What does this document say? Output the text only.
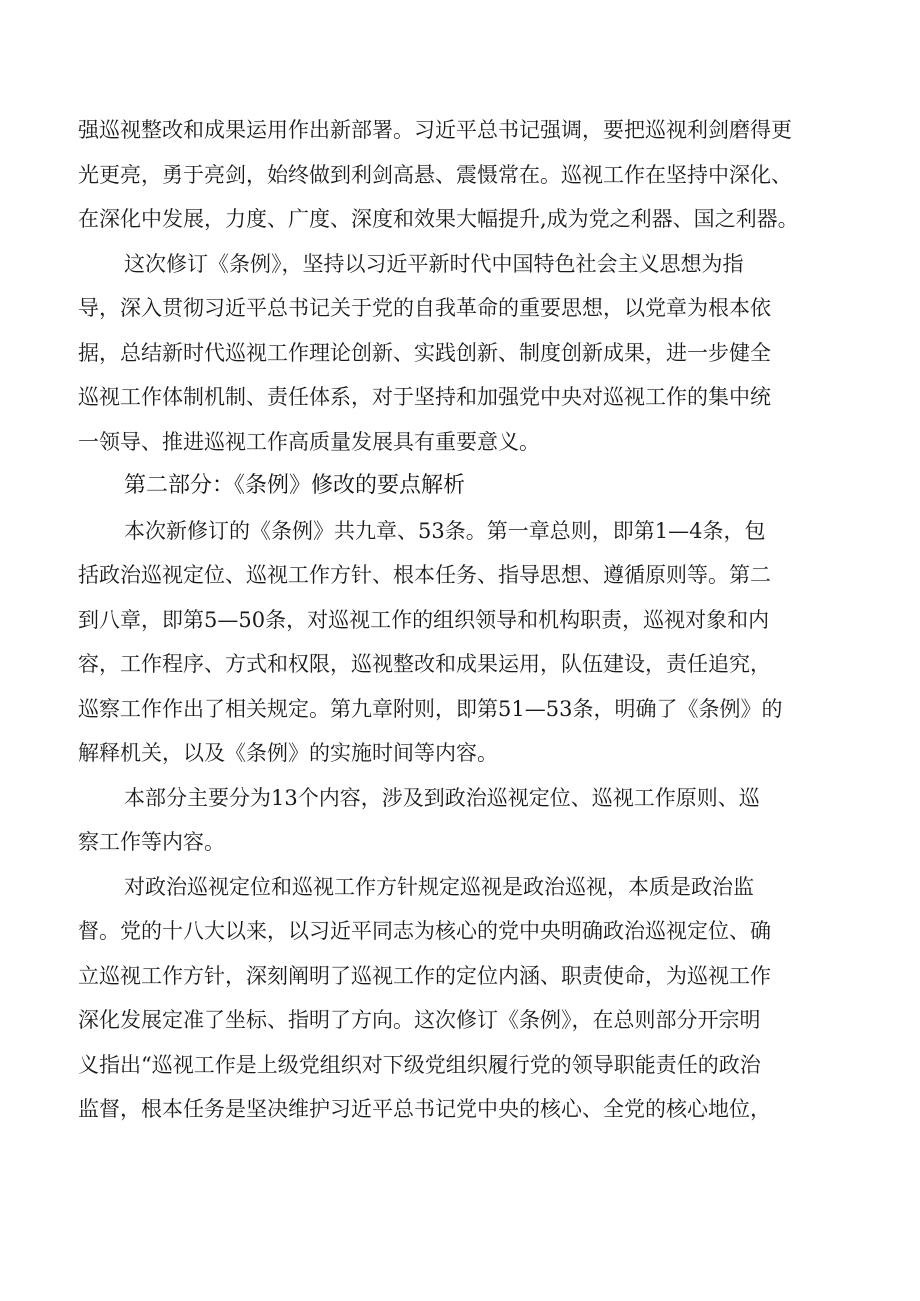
强巡视整改和成果运用作出新部署。习近平总书记强调，要把巡视利剑磨得更
光更亮，勇于亮剑，始终做到利剑高悬、震慑常在。巡视工作在坚持中深化、
在深化中发展，力度、广度、深度和效果大幅提升,成为党之利器、国之利器。
这次修订《条例》，坚持以习近平新时代中国特色社会主义思想为指
导，深入贯彻习近平总书记关于党的自我革命的重要思想，以党章为根本依
据，总结新时代巡视工作理论创新、实践创新、制度创新成果，进一步健全
巡视工作体制机制、责任体系，对于坚持和加强党中央对巡视工作的集中统
一领导、推进巡视工作高质量发展具有重要意义。
第二部分：《条例》修改的要点解析
本次新修订的《条例》共九章、53条。第一章总则，即第1—4条，包
括政治巡视定位、巡视工作方针、根本任务、指导思想、遵循原则等。第二
到八章，即第5—50条，对巡视工作的组织领导和机构职责，巡视对象和内
容，工作程序、方式和权限，巡视整改和成果运用，队伍建设，责任追究，
巡察工作作出了相关规定。第九章附则，即第51—53条，明确了《条例》的
解释机关，以及《条例》的实施时间等内容。
本部分主要分为13个内容，涉及到政治巡视定位、巡视工作原则、巡
察工作等内容。
对政治巡视定位和巡视工作方针规定巡视是政治巡视，本质是政治监
督。党的十八大以来，以习近平同志为核心的党中央明确政治巡视定位、确
立巡视工作方针，深刻阐明了巡视工作的定位内涵、职责使命，为巡视工作
深化发展定准了坐标、指明了方向。这次修订《条例》，在总则部分开宗明
义指出“巡视工作是上级党组织对下级党组织履行党的领导职能责任的政治
监督，根本任务是坚决维护习近平总书记党中央的核心、全党的核心地位，
